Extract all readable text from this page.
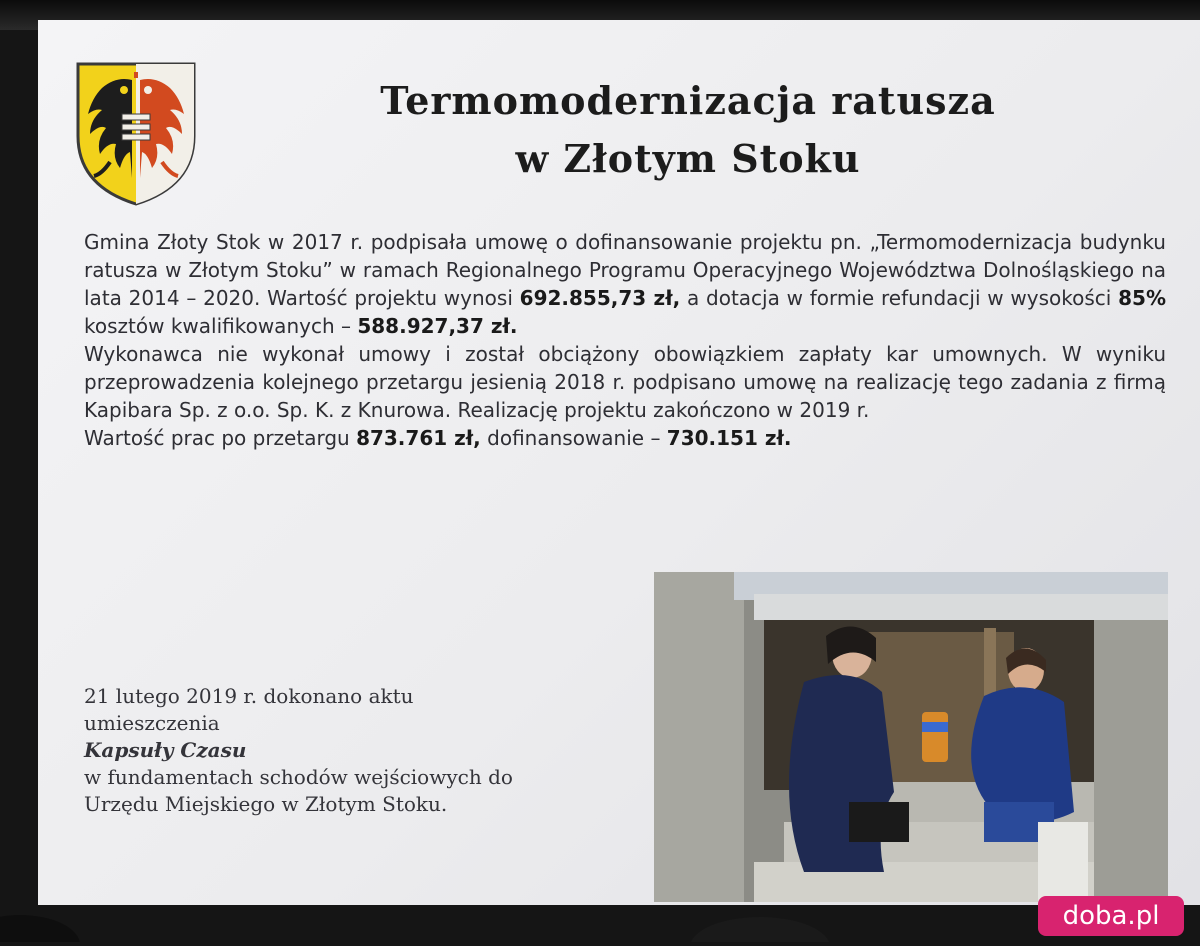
Termomodernizacja ratusza
w Złotym Stoku

Gmina Złoty Stok w 2017 r. podpisała umowę o dofinansowanie projektu pn. „Termomodernizacja budynku ratusza w Złotym Stoku” w ramach Regionalnego Programu Operacyjnego Województwa Dolnośląskiego na lata 2014 – 2020. Wartość projektu wynosi 692.855,73 zł, a dotacja w formie refundacji w wysokości 85% kosztów kwalifikowanych – 588.927,37 zł.

Wykonawca nie wykonał umowy i został obciążony obowiązkiem zapłaty kar umownych. W wyniku przeprowadzenia kolejnego przetargu jesienią 2018 r. podpisano umowę na realizację tego zadania z firmą Kapibara Sp. z o.o. Sp. K. z Knurowa. Realizację projektu zakończono w 2019 r.

Wartość prac po przetargu 873.761 zł, dofinansowanie – 730.151 zł.

21 lutego 2019 r. dokonano aktu
umieszczenia
Kapsuły Czasu
w fundamentach schodów wejściowych do
Urzędu Miejskiego w Złotym Stoku.
doba.pl
